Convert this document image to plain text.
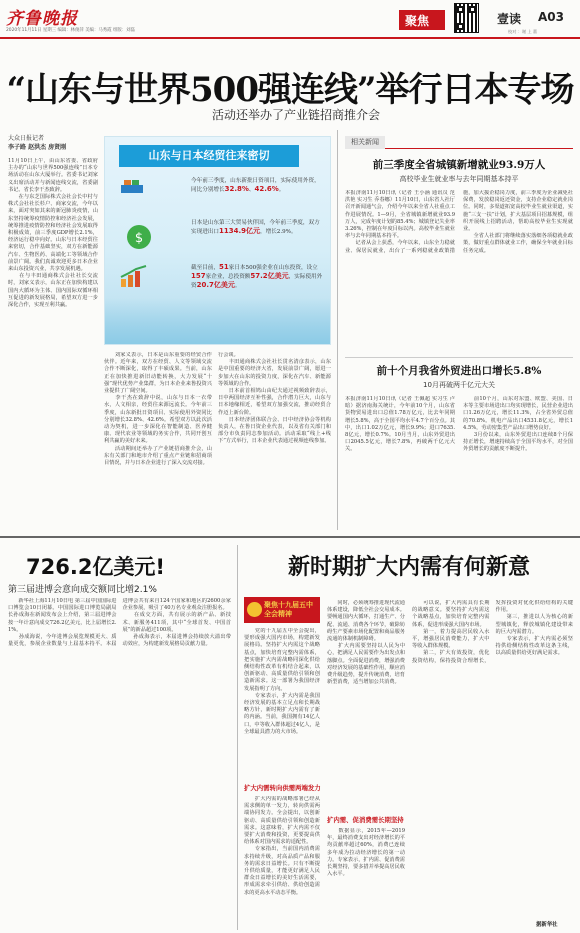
齐鲁晚报
2020年11月11日 星期三 编辑：林俊萍 美编：马秀霞 组版：刘磊
聚焦	壹读 A03
校对 ：谢 上 董
“山东与世界500强连线”举行日本专场
活动还举办了产业链招商推介会
大众日报记者
李子路 赵洪杰 房贤刚
11月10日上午，由山东省委、省政府主办的“山东与世界500强连线”日本专场活动在山东大厦举行。省委书记刘家义出席活动并与新闻连线交流，省委副书记、省长李干杰致辞。
　　在与东芝国际株式会社会长中村与株式会社社长杉户、商家交流，今年以来，面对突如其来的新冠肺炎疫情，山东坚持统筹疫情防控和经济社会发展，统筹推进疫情防控和经济社会发展取得积极成效，前三季度GDP增长2.1%，经济运行稳中向好。山东与日本经贸往来密切，合作基础坚实，双方在新能源汽车、生物医药、高端化工等领域合作前景广阔。我们真诚欢迎更多日本企业来山东投资兴业，共享发展机遇。
　　在与丰田通商株式会社社长交流时，刘家义表示，山东正在加快构建以国内大循环为主体、国内国际双循环相互促进的新发展格局，希望双方进一步深化合作，实现互利共赢。
山东与日本经贸往来密切
今年前三季度，山东新批日资项目，实际使用外资，同比分别增长32.8%、42.6%。
$
日本是山东第三大贸易伙伴国，今年前三季度，双方实现进出口1134.9亿元，增长2.9%。
截至目前，51家日本500强企业在山东投资，设立157家企业，总投资额57.2亿美元，实际使用外资20.7亿美元。
　　刘家义表示，日本是山东重要的经贸合作伙伴。近年来，双方在经贸、人文等领域交流合作不断深化，取得了丰硕成果。当前，山东正在加快推进新旧动能转换，大力发展“十强”现代优势产业集群，为日本企业来鲁投资兴业提供了广阔空间。
　　李干杰在致辞中说，山东与日本一衣带水，人文相亲，经贸往来源远流长。今年前三季度，山东新批日资项目、实际使用外资同比分别增长32.8%、42.6%。希望双方以此次活动为契机，进一步深化在智能制造、医养健康、现代农业等领域的务实合作，共同开创互利共赢的美好未来。
　　活动期间还举办了产业链招商推介会，山东有关部门和地市介绍了重点产业链和招商项目情况，并与日本企业进行了深入交流对接。
行会谈。
　　丰田通商株式会社社长贯名清彦表示，山东是中国重要的经济大省，发展前景广阔，愿进一步加大在山东的投资力度，深化在汽车、新能源等领域的合作。
　　日本前首相鸠山由纪夫通过视频致辞表示，日中两国经济互补性强，合作潜力巨大，山东与日本地缘相近，希望双方加强交流，推动经贸合作迈上新台阶。
　　日本经济团体联合会、日中经济协会等机构负责人，在鲁日资企业代表，以及省有关部门和部分市负责同志参加活动。活动采取“线上+线下”方式举行，日本企业代表通过视频连线参加。
相关新闻
前三季度全省城镇新增就业93.9万人
高校毕业生就业率与去年同期基本持平
本报济南11月10日讯（记者 王小涵 通讯员 范洪艳 实习生 乔春娜）11月10日，山东省人社厅召开新闻通气会，介绍今年以来全省人社重点工作进展情况。1—9月，全省城镇新增就业93.9万人，完成年度计划的85.4%；城镇登记失业率3.26%，控制在年度目标以内。高校毕业生就业率与去年同期基本持平。
　　记者从会上获悉，今年以来，山东全力稳就业、保居民就业，出台了一系列稳就业政策措施，加大援企稳岗力度，前三季度为企业减免社保费，发放稳岗返还资金，支持企业稳定就业岗位。同时，多渠道拓宽高校毕业生就业渠道，实施“三支一扶”计划，扩大基层项目招募规模，组织开展线上招聘活动，帮助高校毕业生实现就业。
　　全省人社部门将继续落实落细各项稳就业政策，做好重点群体就业工作，确保全年就业目标任务完成。
前十个月我省外贸进出口增长5.8%
10月再破两千亿元大关
本报济南11月10日讯（记者 王佩超 实习生 卢暗）据济南海关统计，今年前10个月，山东省货物贸易进出口总值1.78万亿元，比去年同期增长5.8%，高于全国平均水平4.7个百分点。其中，出口1.02万亿元，增长9.9%；进口7635.8亿元，增长0.7%。10月当月，山东外贸进出口2045.5亿元，增长7.8%，再破两千亿元大关。
　　前10个月，山东对东盟、欧盟、美国、日本等主要市场进出口均实现增长，民营企业进出口1.26万亿元，增长11.3%，占全省外贸总值的70.8%。机电产品出口4531.8亿元，增长14.5%，劳动密集型产品出口增势良好。
　　3月份以来，山东外贸进出口连续8个月保持正增长，增速持续高于全国平均水平，对全国外贸增长的贡献度不断提升。
726.2亿美元!
第三届进博会意向成交额同比增2.1%
　　新华社上海11月10日电 第三届中国国际进口博览会10日闭幕。中国国际进口博览局副局长孙成海在新闻发布会上介绍，第三届进博会按一年计意向成交726.2亿美元，比上届增长2.1%。
　　孙成海说，今年进博会展览规模更大、质量更优，参展企业数量与上届基本持平。本届进博会共有来自124个国家和地区的2600余家企业参展，吸引了40万名专业观众注册报名。
　　在成交方面，共有展示的新产品、新技术、新服务411项，其中“全球首发、中国首展”的新品超过100项。
　　孙成海表示，本届进博会持续放大溢出带动效应，为构建新发展格局贡献力量。
新时期扩大内需有何新意
聚焦十九届五中全会精神
　　党的十九届五中全会提出，要形成强大国内市场，构建新发展格局。坚持扩大内需这个战略基点，加快培育完整内需体系，把实施扩大内需战略同深化供给侧结构性改革有机结合起来，以创新驱动、高质量供给引领和创造新需求。这一部署为我国经济发展指明了方向。
　　专家表示，扩大内需是我国经济发展的基本立足点和长期战略方针，新时期扩大内需有了新的内涵。当前，我国拥有14亿人口，中等收入群体超过4亿人，是全球最具潜力的大市场。
扩大内需转向供需两端发力
　　扩大内需的战略部署已经从需求侧的单一发力，转向供需两端协同发力。全会提出，以创新驱动、高质量供给引领和创造新需求。这意味着，扩大内需不仅要扩大消费和投资，更要提高供给体系对国内需求的适配性。
　　专家指出，当前国内消费需求持续升级，对高品质产品和服务的需求日益增长。只有不断提升供给质量，才能更好满足人民群众日益增长的美好生活需要，形成需求牵引供给、供给创造需求的更高水平动态平衡。
　　同时，必须统筹推进现代流通体系建设，降低全社会交易成本。要畅通国内大循环，打通生产、分配、流通、消费各个环节，破除妨碍生产要素市场化配置和商品服务流通的体制机制障碍。
　　扩大内需要坚持以人民为中心，把满足人民需要作为出发点和落脚点。全面促进消费，增强消费对经济发展的基础性作用，顺应消费升级趋势，提升传统消费，培育新型消费，适当增加公共消费。
扩内需、促消费需长期坚持
　　数据显示，2015年—2019年，最终消费支出对经济增长的平均贡献率超过60%，消费已连续多年成为拉动经济增长的第一动力。专家表示，扩内需、促消费需长期坚持，要多措并举提高居民收入水平。
　　可以说，扩大内需具有长期的战略意义。要坚持扩大内需这个战略基点，加快培育完整内需体系，促进形成强大国内市场。
　　第一，着力提高居民收入水平，增强居民消费能力，扩大中等收入群体规模。
　　第二，扩大有效投资，优化投资结构，保持投资合理增长，发挥投资对优化供给结构的关键作用。
　　第三，推进以人为核心的新型城镇化，释放城镇化建设带来的巨大内需潜力。
　　专家表示，扩大内需必须坚持供给侧结构性改革这条主线，以高质量供给更好满足需求。
据新华社
